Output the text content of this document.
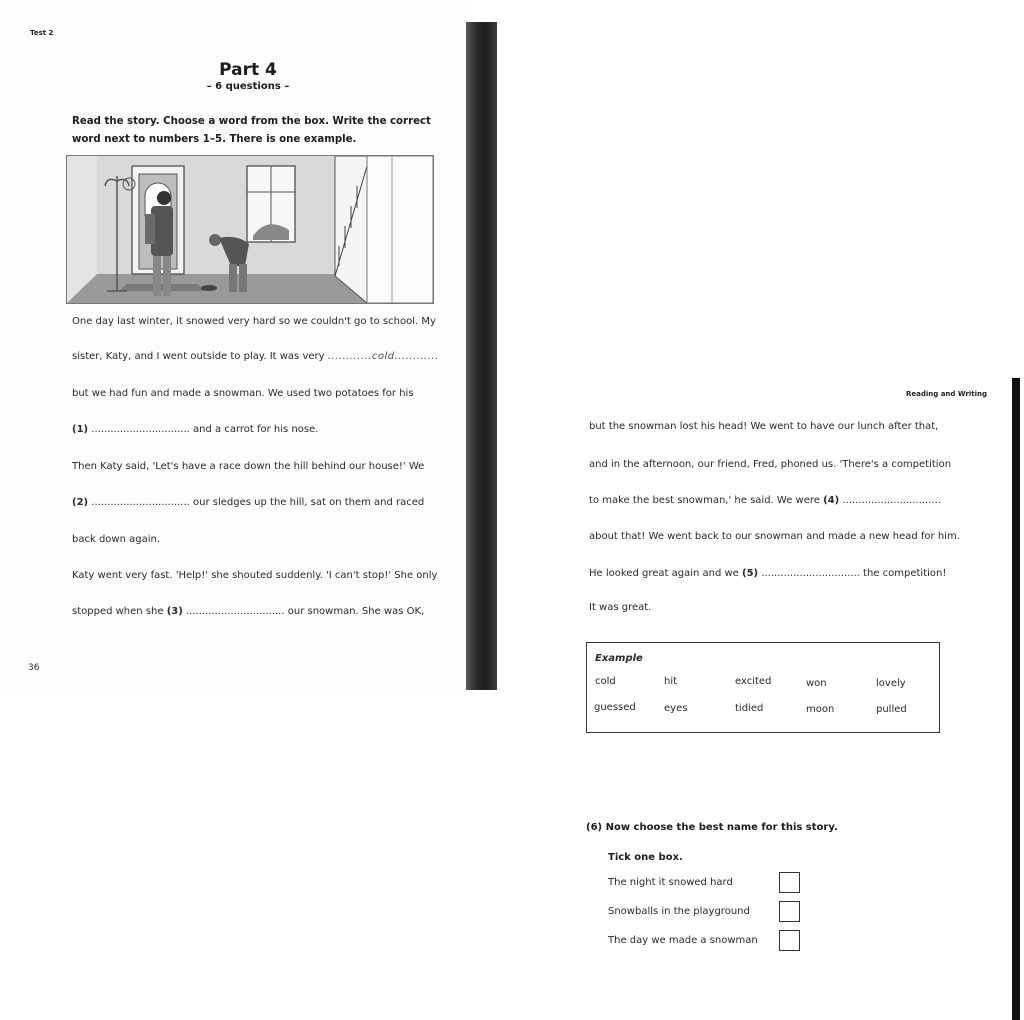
Test 2
Part 4
– 6 questions –
Read the story. Choose a word from the box. Write the correct
word next to numbers 1–5. There is one example.
One day last winter, it snowed very hard so we couldn't go to school. My
sister, Katy, and I went outside to play. It was very ............cold............
but we had fun and made a snowman. We used two potatoes for his
(1) ............................... and a carrot for his nose.
Then Katy said, 'Let's have a race down the hill behind our house!' We
(2) ............................... our sledges up the hill, sat on them and raced
back down again.
Katy went very fast. 'Help!' she shouted suddenly. 'I can't stop!' She only
stopped when she (3) ............................... our snowman. She was OK,
36
Reading and Writing
but the snowman lost his head! We went to have our lunch after that,
and in the afternoon, our friend, Fred, phoned us. 'There's a competition
to make the best snowman,' he said. We were (4) ...............................
about that! We went back to our snowman and made a new head for him.
He looked great again and we (5) ............................... the competition!
It was great.
Example
cold	hit	excited	won	lovely
guessed	eyes	tidied	moon	pulled
(6) Now choose the best name for this story.
Tick one box.
The night it snowed hard
Snowballs in the playground
The day we made a snowman
